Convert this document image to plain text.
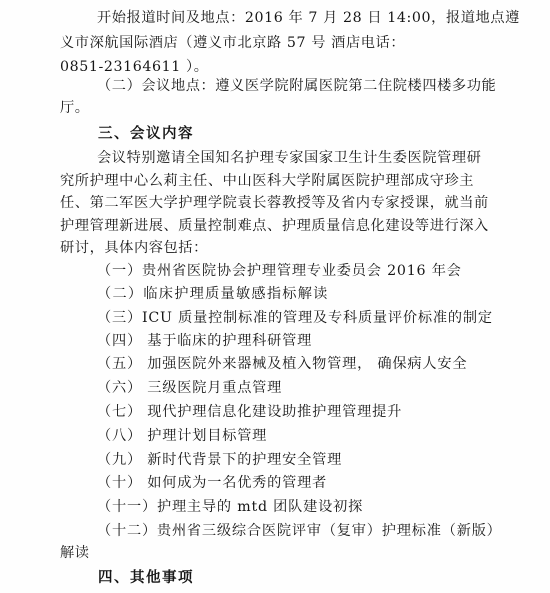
开始报道时间及地点：2016 年 7 月 28 日 14:00，报道地点遵
义市深航国际酒店（遵义市北京路 57 号 酒店电话：
0851-23164611 ）。
（二）会议地点：遵义医学院附属医院第二住院楼四楼多功能
厅。
三、会议内容
会议特别邀请全国知名护理专家国家卫生计生委医院管理研
究所护理中心么莉主任、中山医科大学附属医院护理部成守珍主
任、第二军医大学护理学院袁长蓉教授等及省内专家授课，就当前
护理管理新进展、质量控制难点、护理质量信息化建设等进行深入
研讨，具体内容包括：
（一）贵州省医院协会护理管理专业委员会 2016 年会
（二）临床护理质量敏感指标解读
（三）ICU 质量控制标准的管理及专科质量评价标准的制定
（四） 基于临床的护理科研管理
（五） 加强医院外来器械及植入物管理， 确保病人安全
（六） 三级医院月重点管理
（七） 现代护理信息化建设助推护理管理提升
（八） 护理计划目标管理
（九） 新时代背景下的护理安全管理
（十） 如何成为一名优秀的管理者
（十一）护理主导的 mtd 团队建设初探
（十二）贵州省三级综合医院评审（复审）护理标准（新版）
解读
四、其他事项
